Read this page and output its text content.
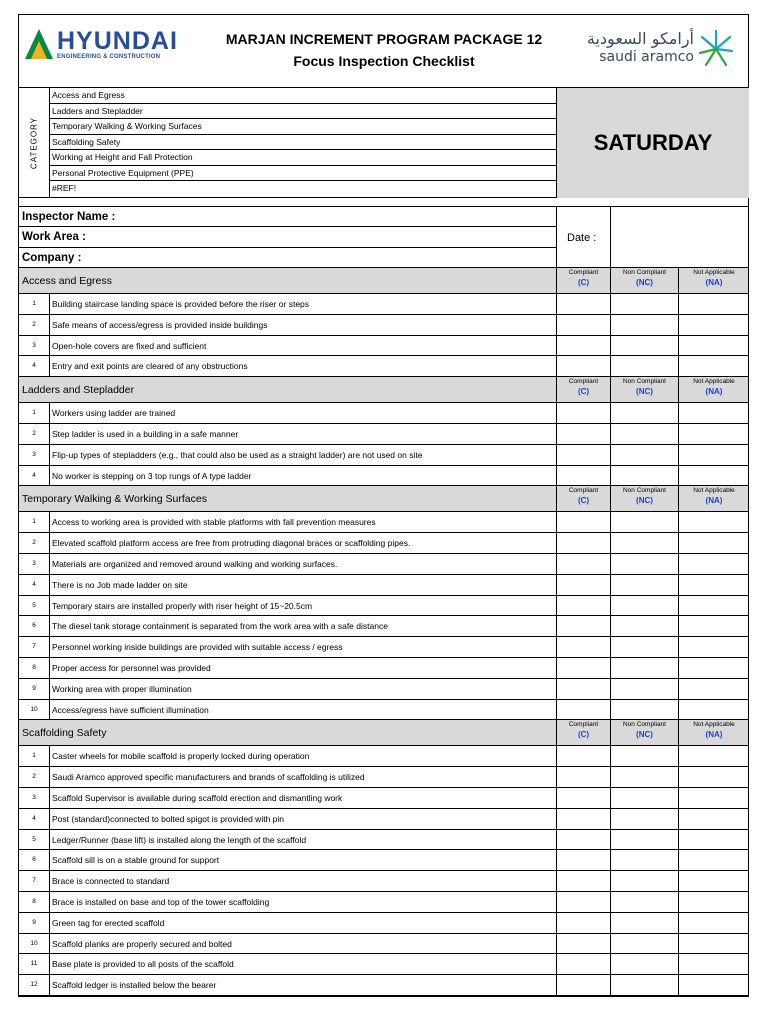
HYUNDAI
ENGINEERING & CONSTRUCTION
MARJAN INCREMENT PROGRAM PACKAGE 12
Focus Inspection Checklist
أرامكو السعودية
saudi aramco
CATEGORY
Access and Egress
Ladders and Stepladder
Temporary Walking & Working Surfaces
Scaffolding Safety
Working at Height and Fall Protection
Personal Protective Equipment (PPE)
#REF!
SATURDAY
Inspector Name :
Work Area :
Company :
Date :
Access and Egress
Compliant
(C)
Non Compliant
(NC)
Not Applicable
(NA)
1	Building staircase landing space is provided before the riser or steps
2	Safe means of access/egress is provided inside buildings
3	Open-hole covers are fixed and sufficient
4	Entry and exit points are cleared of any obstructions
Ladders and Stepladder
Compliant
(C)
Non Compliant
(NC)
Not Applicable
(NA)
1	Workers using ladder are trained
2	Step ladder is used in a building in a safe manner
3	Flip-up types of stepladders (e.g., that could also be used as a straight ladder) are not used on site
4	No worker is stepping on 3 top rungs of A type ladder
Temporary Walking & Working Surfaces
Compliant
(C)
Non Compliant
(NC)
Not Applicable
(NA)
1	Access to working area is provided with stable platforms with fall prevention measures
2	Elevated scaffold platform access are free from protruding diagonal braces or scaffolding pipes.
3	Materials are organized and removed around walking and working surfaces.
4	There is no Job made ladder on site
5	Temporary stairs are installed properly with riser height of 15~20.5cm
6	The diesel tank storage containment is separated from the work area with a safe distance
7	Personnel working inside buildings are provided with suitable access / egress
8	Proper access for personnel was provided
9	Working area with proper illumination
10	Access/egress have sufficient illumination
Scaffolding Safety
Compliant
(C)
Non Compliant
(NC)
Not Applicable
(NA)
1	Caster wheels for mobile scaffold is properly locked during operation
2	Saudi Aramco approved specific manufacturers and brands of scaffolding is utilized
3	Scaffold Supervisor is available during scaffold erection and dismantling work
4	Post (standard)connected to bolted spigot is provided with pin
5	Ledger/Runner (base lift) is installed along the length of the scaffold
6	Scaffold sill is on a stable ground for support
7	Brace is connected to standard
8	Brace is installed on base and top of the tower scaffolding
9	Green tag for erected scaffold
10	Scaffold planks are properly secured and bolted
11	Base plate is provided to all posts of the scaffold
12	Scaffold ledger is installed below the bearer
